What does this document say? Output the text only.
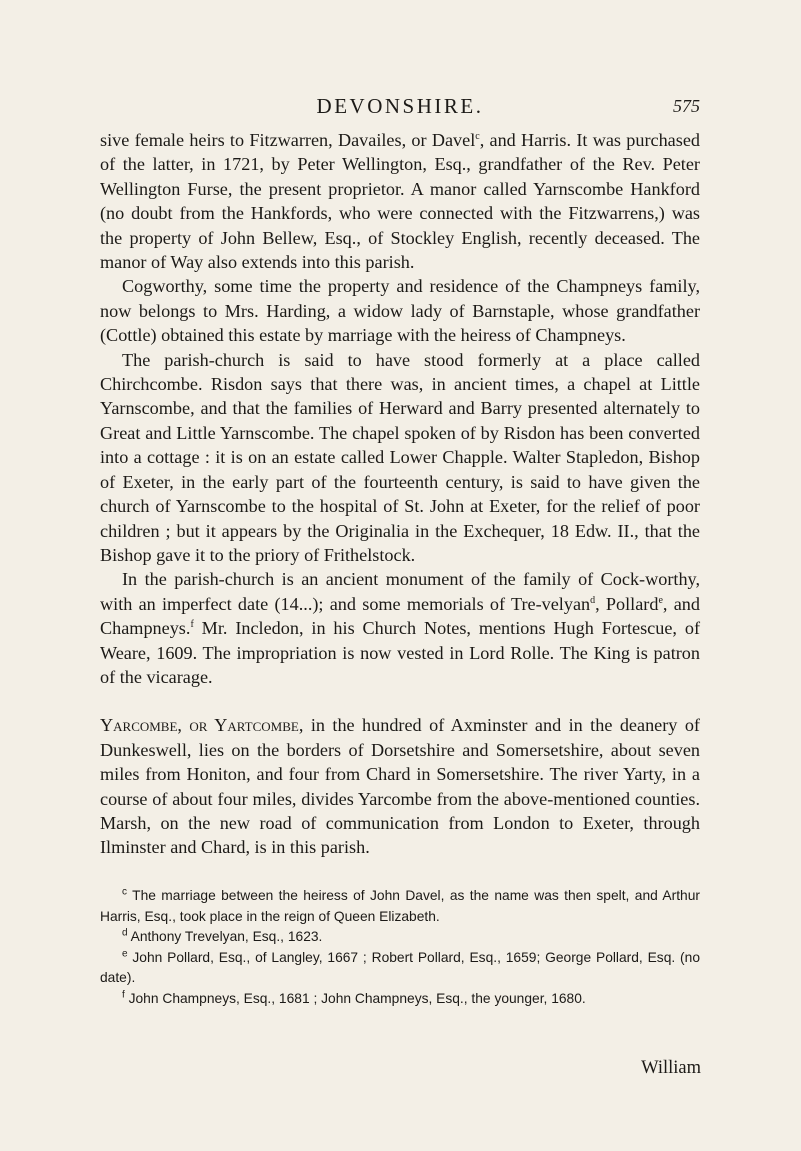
DEVONSHIRE.	575

sive female heirs to Fitzwarren, Davailes, or Davel$^c$, and Harris. It was purchased of the latter, in 1721, by Peter Wellington, Esq., grandfather of the Rev. Peter Wellington Furse, the present proprietor. A manor called Yarnscombe Hankford (no doubt from the Hankfords, who were connected with the Fitzwarrens,) was the property of John Bellew, Esq., of Stockley English, recently deceased. The manor of Way also extends into this parish.

Cogworthy, some time the property and residence of the Champneys family, now belongs to Mrs. Harding, a widow lady of Barnstaple, whose grandfather (Cottle) obtained this estate by marriage with the heiress of Champneys.

The parish-church is said to have stood formerly at a place called Chirchcombe. Risdon says that there was, in ancient times, a chapel at Little Yarnscombe, and that the families of Herward and Barry presented alternately to Great and Little Yarnscombe. The chapel spoken of by Risdon has been converted into a cottage : it is on an estate called Lower Chapple. Walter Stapledon, Bishop of Exeter, in the early part of the fourteenth century, is said to have given the church of Yarnscombe to the hospital of St. John at Exeter, for the relief of poor children ; but it appears by the Originalia in the Exchequer, 18 Edw. II., that the Bishop gave it to the priory of Frithelstock.

In the parish-church is an ancient monument of the family of Cock-worthy, with an imperfect date (14...); and some memorials of Tre-velyan$^d$, Pollard$^e$, and Champneys.$^f$ Mr. Incledon, in his Church Notes, mentions Hugh Fortescue, of Weare, 1609. The impropriation is now vested in Lord Rolle. The King is patron of the vicarage.

Yarcombe, or Yartcombe, in the hundred of Axminster and in the deanery of Dunkeswell, lies on the borders of Dorsetshire and Somersetshire, about seven miles from Honiton, and four from Chard in Somersetshire. The river Yarty, in a course of about four miles, divides Yarcombe from the above-mentioned counties. Marsh, on the new road of communication from London to Exeter, through Ilminster and Chard, is in this parish.

$^c$ The marriage between the heiress of John Davel, as the name was then spelt, and Arthur Harris, Esq., took place in the reign of Queen Elizabeth.

$^d$ Anthony Trevelyan, Esq., 1623.

$^e$ John Pollard, Esq., of Langley, 1667 ; Robert Pollard, Esq., 1659; George Pollard, Esq. (no date).

$^f$ John Champneys, Esq., 1681 ; John Champneys, Esq., the younger, 1680.

William
